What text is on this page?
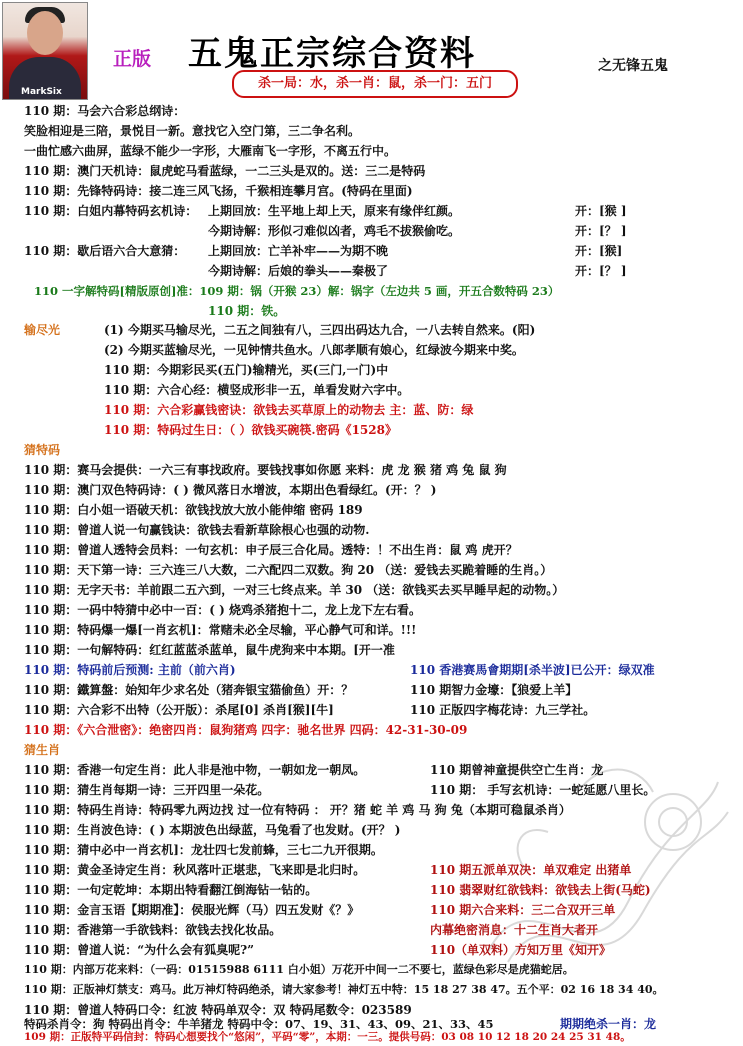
MarkSix
正版 五鬼正宗综合资料	之无锋五鬼
杀一局：水，杀一肖：鼠，杀一门：五门
110 期：马会六合彩总纲诗：
笑脸相迎是三陪，景悦目一新。意找它入空门第，三二争名利。
一曲忙感六曲屏，蓝绿不能少一字形，大雁南飞一字形，不离五行中。
110 期：澳门天机诗：鼠虎蛇马看蓝绿，一二三头是双的。送：三二是特码
110 期：先锋特码诗：接二连三风飞扬，千猴相连攀月宫。(特码在里面)
110 期：白姐内幕特码玄机诗： 上期回放：生平地上却上天，原来有缘伴红颜。	开：[猴 ]
今期诗解：形似刁难似凶者，鸡毛不拔猴偷吃。	开：[？ ]
110 期：歇后语六合大意猜： 上期回放：亡羊补牢——为期不晚	开：[猴]
今期诗解：后娘的拳头——秦极了	开：[？ ]
110 一字解特码[精版原创]准：109 期：锅（开猴 23）解：锅字（左边共 5 画，开五合数特码 23）
110 期：铁。
输尽光	(1) 今期买马输尽光，二五之间独有八，三四出码达九合，一八去转自然来。(阳)
(2) 今期买蓝输尽光，一见钟情共鱼水。八郎孝顺有娘心，红绿波今期来中奖。
110 期：今期彩民买(五门)输精光，买(三门,一门)中
110 期：六合心经：横竖成形非一五，单看发财六字中。
110 期：六合彩赢钱密诀：欲钱去买草原上的动物去 主：蓝、防：绿
110 期：特码过生日：（ ）欲钱买碗筷.密码《1528》
猜特码
110 期：赛马会提供：一六三有事找政府。要钱找事如你愿 来料：虎 龙 猴 猪 鸡 兔 鼠 狗
110 期：澳门双色特码诗：( ) 微风落日水增波，本期出色看绿红。(开：？ )
110 期：白小姐一语破天机：欲钱找放大放小能伸缩 密码 189
110 期：曾道人说一句赢钱诀：欲钱去看新草除根心也强的动物.
110 期：曾道人透特会员料：一句玄机：申子辰三合化局。透特：！不出生肖：鼠 鸡 虎开？
110 期：天下第一诗：三六连三八大数，二六配四二双数。狗 20 （送：爱钱去买跪着睡的生肖。）
110 期：无字天书：羊前跟二五六到，一对三七终点来。羊 30 （送：欲钱买去买早睡早起的动物。）
110 期：一码中特猜中必中一百：( ) 烧鸡杀猪抱十二，龙上龙下左右看。
110 期：特码爆一爆[一肖玄机]：常赌未必全尽输，平心静气可和详。!!!
110 期：一句解特码：红红蓝蓝杀蓝单，鼠牛虎狗来中本期。[开一准
110 期：特码前后预测: 主前（前六肖)	110 香港赛馬會期期[杀半波]已公开：绿双准
110 期：鐵算盤：始知年少求名处（猪奔银宝猫偷鱼）开：？	110 期智力金壕：【狼爱上羊】
110 期：六合彩不出特（公开版）：杀尾[0] 杀肖[猴][牛]	110 正版四字梅花诗：九三学社。
110 期：《六合泄密》：绝密四肖：鼠狗猪鸡 四字：驰名世界 四码：42-31-30-09
猜生肖
110 期：香港一句定生肖：此人非是池中物，一朝如龙一朝凤。	110 期曾神童提供空亡生肖：龙
110 期：猜生肖每期一诗：三开四里一朵花。	110 期： 手写玄机诗：一蛇延愿八里长。
110 期：特码生肖诗：特码零九两边找 过一位有特码 ： 开？猪 蛇 羊 鸡 马 狗 兔（本期可稳鼠杀肖）
110 期：生肖波色诗：( ) 本期波色出绿蓝，马兔看了也发财。(开？ )
110 期：猜中必中一肖玄机]：龙壮四七发前蜂，三七二九开很期。
110 期：黄金圣诗定生肖：秋风落叶正堪悲，飞来即是北归时。	110 期五派单双决：单双难定 出猪单
110 期：一句定乾坤：本期出特看翻江倒海钻一钻的。	110 翡翠财红欲钱料：欲钱去上街(马蛇)
110 期：金言玉语【期期准】：侯服光辉（马）四五发财《？》	110 期六合来料：三二合双开三单
110 期：香港第一手欲钱料：欲钱去找化妆品。	内幕绝密消息：十二生肖大者开
110 期：曾道人说：“为什么会有狐臭呢?”	110（单双料）方知万里《知开》
110 期：内部万花来料：（一码：01515988 6111 白小姐）万花开中间一二不要七，蓝绿色彩尽是虎猫蛇居。
110 期：正版神灯禁支：鸡马。此万神灯特码绝杀，请大家参考！神灯五中特：15 18 27 38 47。五个平：02 16 18 34 40。
110 期：曾道人特码口令：红波 特码单双令：双 特码尾数令：023589
特码杀肖令：狗 特码出肖令：牛羊猪龙 特码中令：07、19、31、43、09、21、33、45
109 期：正版特平码信封：特码心想要找个“悠闲”，平码“零”，本期：一三。提供号码：03 08 10 12 18 20 24 25 31 48。
期期绝杀一肖：龙
